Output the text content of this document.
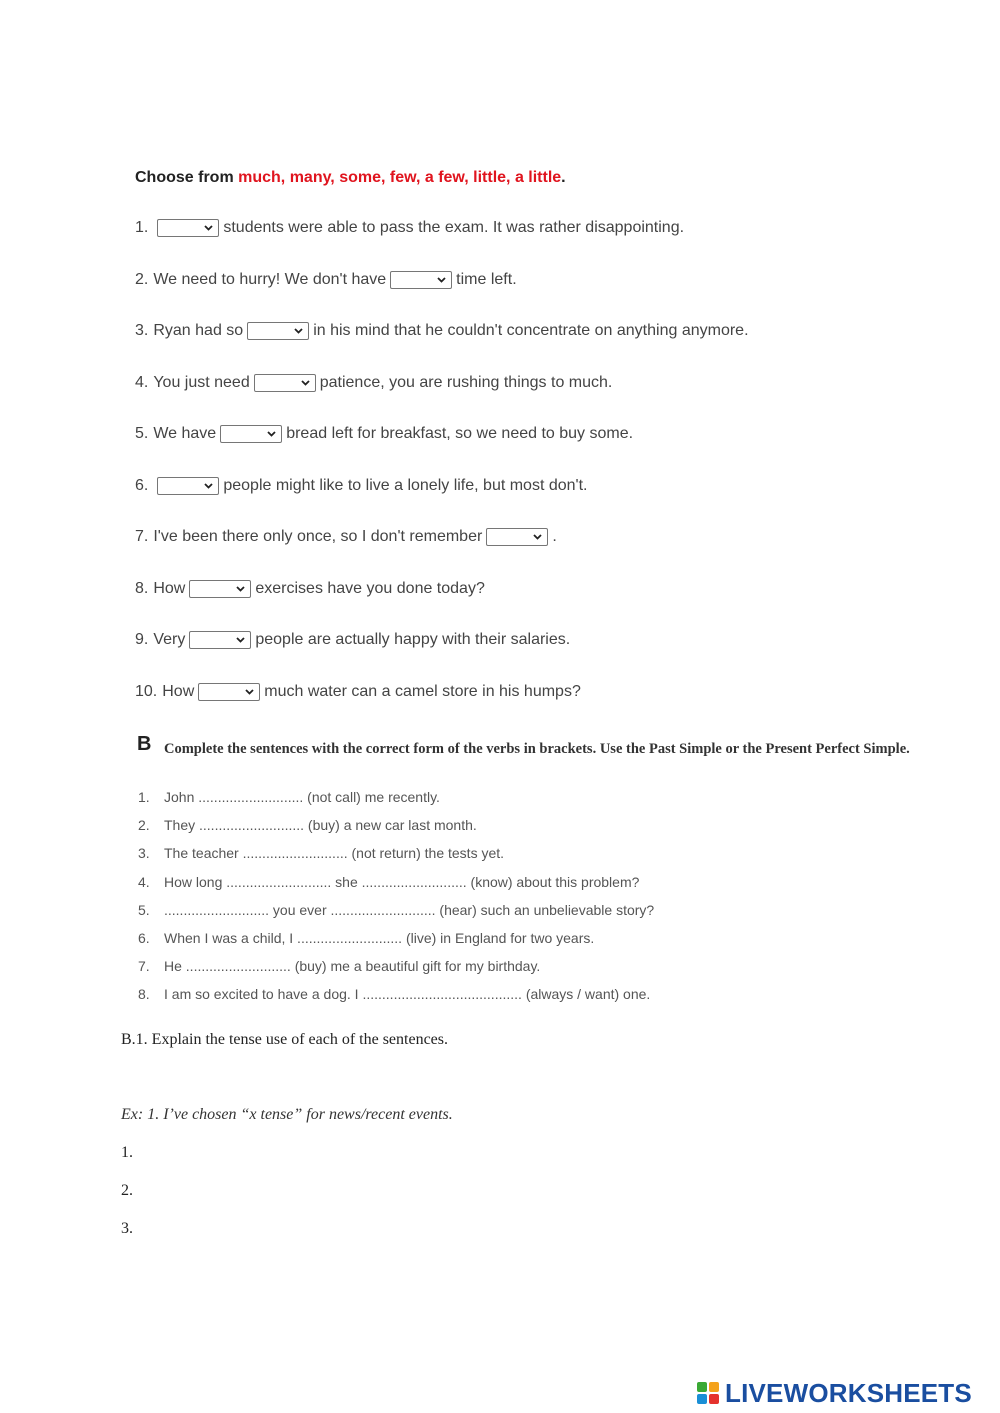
Choose from much, many, some, few, a few, little, a little.
1.	students were able to pass the exam. It was rather disappointing.
2. We need to hurry! We don't have	time left.
3. Ryan had so	in his mind that he couldn't concentrate on anything anymore.
4. You just need	patience, you are rushing things to much.
5. We have	bread left for breakfast, so we need to buy some.
6.	people might like to live a lonely life, but most don't.
7. I've been there only once, so I don't remember	.
8. How	exercises have you done today?
9. Very	people are actually happy with their salaries.
10. How	much water can a camel store in his humps?
B Complete the sentences with the correct form of the verbs in brackets. Use the Past Simple or the Present Perfect Simple.
1. John ........................... (not call) me recently.
2. They ........................... (buy) a new car last month.
3. The teacher ........................... (not return) the tests yet.
4. How long ........................... she ........................... (know) about this problem?
5. ........................... you ever ........................... (hear) such an unbelievable story?
6. When I was a child, I ........................... (live) in England for two years.
7. He ........................... (buy) me a beautiful gift for my birthday.
8. I am so excited to have a dog. I ......................................... (always / want) one.
B.1. Explain the tense use of each of the sentences.
Ex: 1. I’ve chosen “x tense” for news/recent events.
1.
2.
3.
LIVEWORKSHEETS
